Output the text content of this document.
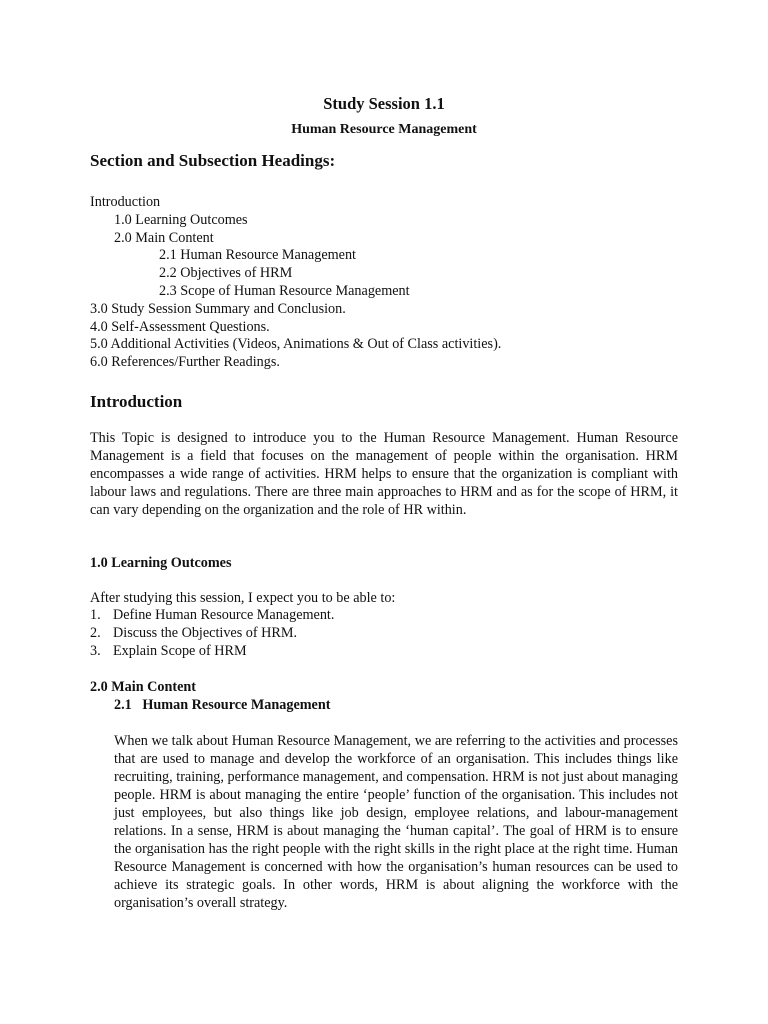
Study Session 1.1
Human Resource Management
Section and Subsection Headings:
Introduction
1.0 Learning Outcomes
2.0 Main Content
2.1 Human Resource Management
2.2 Objectives of HRM
2.3 Scope of Human Resource Management
3.0 Study Session Summary and Conclusion.
4.0 Self-Assessment Questions.
5.0 Additional Activities (Videos, Animations & Out of Class activities).
6.0 References/Further Readings.
Introduction
This Topic is designed to introduce you to the Human Resource Management. Human Resource Management is a field that focuses on the management of people within the organisation. HRM encompasses a wide range of activities. HRM helps to ensure that the organization is compliant with labour laws and regulations. There are three main approaches to HRM and as for the scope of HRM, it can vary depending on the organization and the role of HR within.
1.0 Learning Outcomes
After studying this session, I expect you to be able to:
1. Define Human Resource Management.
2. Discuss the Objectives of HRM.
3. Explain Scope of HRM
2.0 Main Content
2.1   Human Resource Management
When we talk about Human Resource Management, we are referring to the activities and processes that are used to manage and develop the workforce of an organisation. This includes things like recruiting, training, performance management, and compensation. HRM is not just about managing people. HRM is about managing the entire ‘people’ function of the organisation. This includes not just employees, but also things like job design, employee relations, and labour-management relations. In a sense, HRM is about managing the ‘human capital’. The goal of HRM is to ensure the organisation has the right people with the right skills in the right place at the right time. Human Resource Management is concerned with how the organisation’s human resources can be used to achieve its strategic goals. In other words, HRM is about aligning the workforce with the organisation’s overall strategy.
